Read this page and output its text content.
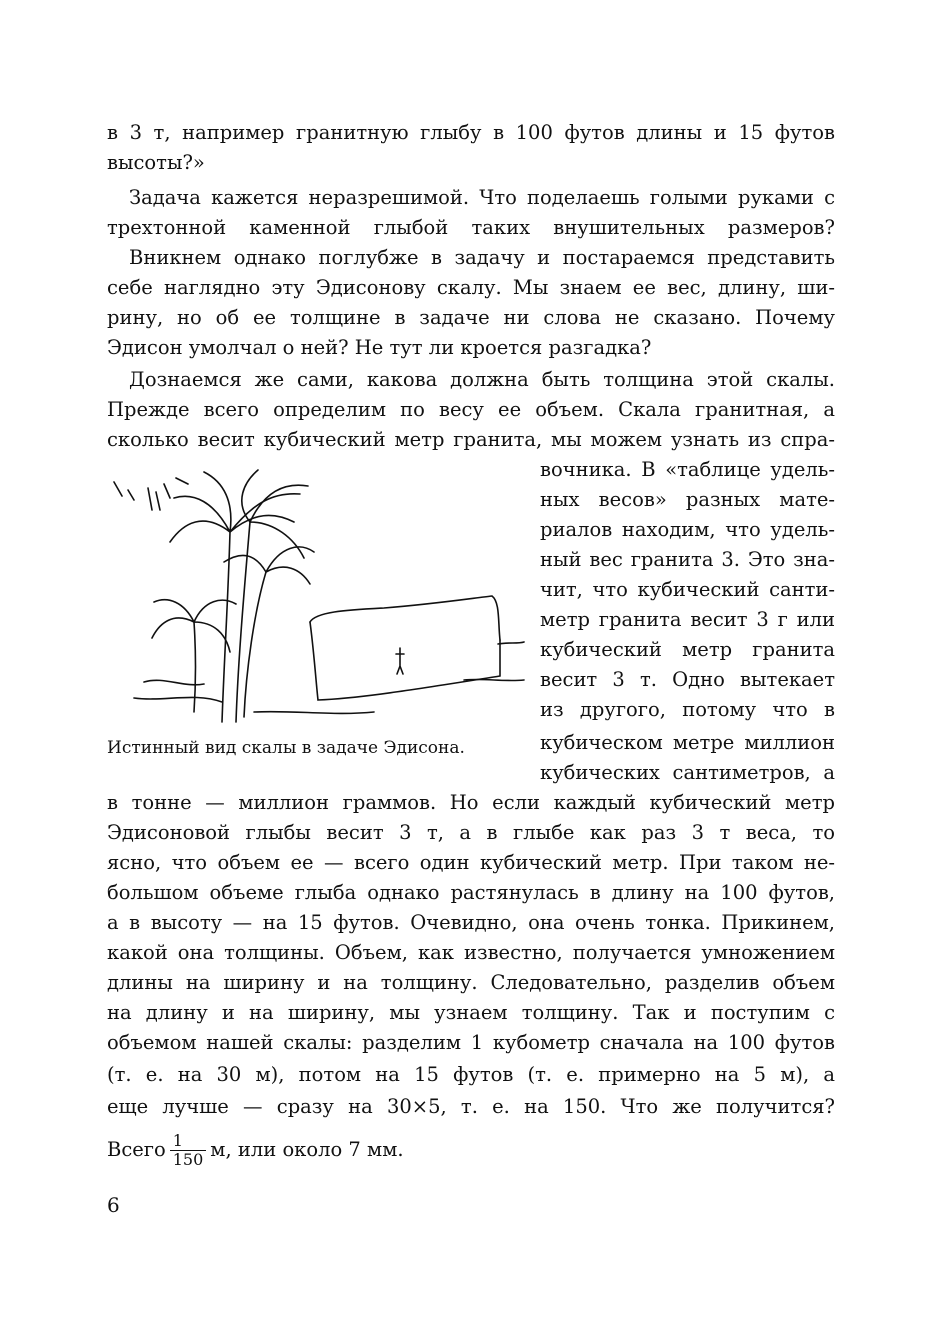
в 3 т, например гранитную глыбу в 100 футов длины и 15 футов
высоты?»
Задача кажется неразрешимой. Что поделаешь голыми руками с
трехтонной каменной глыбой таких внушительных размеров?
Вникнем однако поглубже в задачу и постараемся представить
себе наглядно эту Эдисонову скалу. Мы знаем ее вес, длину, ши-
рину, но об ее толщине в задаче ни слова не сказано. Почему
Эдисон умолчал о ней? Не тут ли кроется разгадка?
Дознаемся же сами, какова должна быть толщина этой скалы.
Прежде всего определим по весу ее объем. Скала гранитная, а
сколько весит кубический метр гранита, мы можем узнать из спра-
вочника. В «таблице удель-
ных весов» разных мате-
риалов находим, что удель-
ный вес гранита 3. Это зна-
чит, что кубический санти-
метр гранита весит 3 г или
кубический метр гранита
весит 3 т. Одно вытекает
из другого, потому что в
кубическом метре миллион
кубических сантиметров, а
Истинный вид скалы в задаче Эдисона.
в тонне — миллион граммов. Но если каждый кубический метр
Эдисоновой глыбы весит 3 т, а в глыбе как раз 3 т веса, то
ясно, что объем ее — всего один кубический метр. При таком не-
большом объеме глыба однако растянулась в длину на 100 футов,
а в высоту — на 15 футов. Очевидно, она очень тонка. Прикинем,
какой она толщины. Объем, как известно, получается умножением
длины на ширину и на толщину. Следовательно, разделив объем
на длину и на ширину, мы узнаем толщину. Так и поступим с
объемом нашей скалы: разделим 1 кубометр сначала на 100 футов
(т. е. на 30 м), потом на 15 футов (т. е. примерно на 5 м), а
еще лучше — сразу на 30×5, т. е. на 150. Что же получится?
Всего $\frac{1}{150} м$, или около 7 мм.
6
